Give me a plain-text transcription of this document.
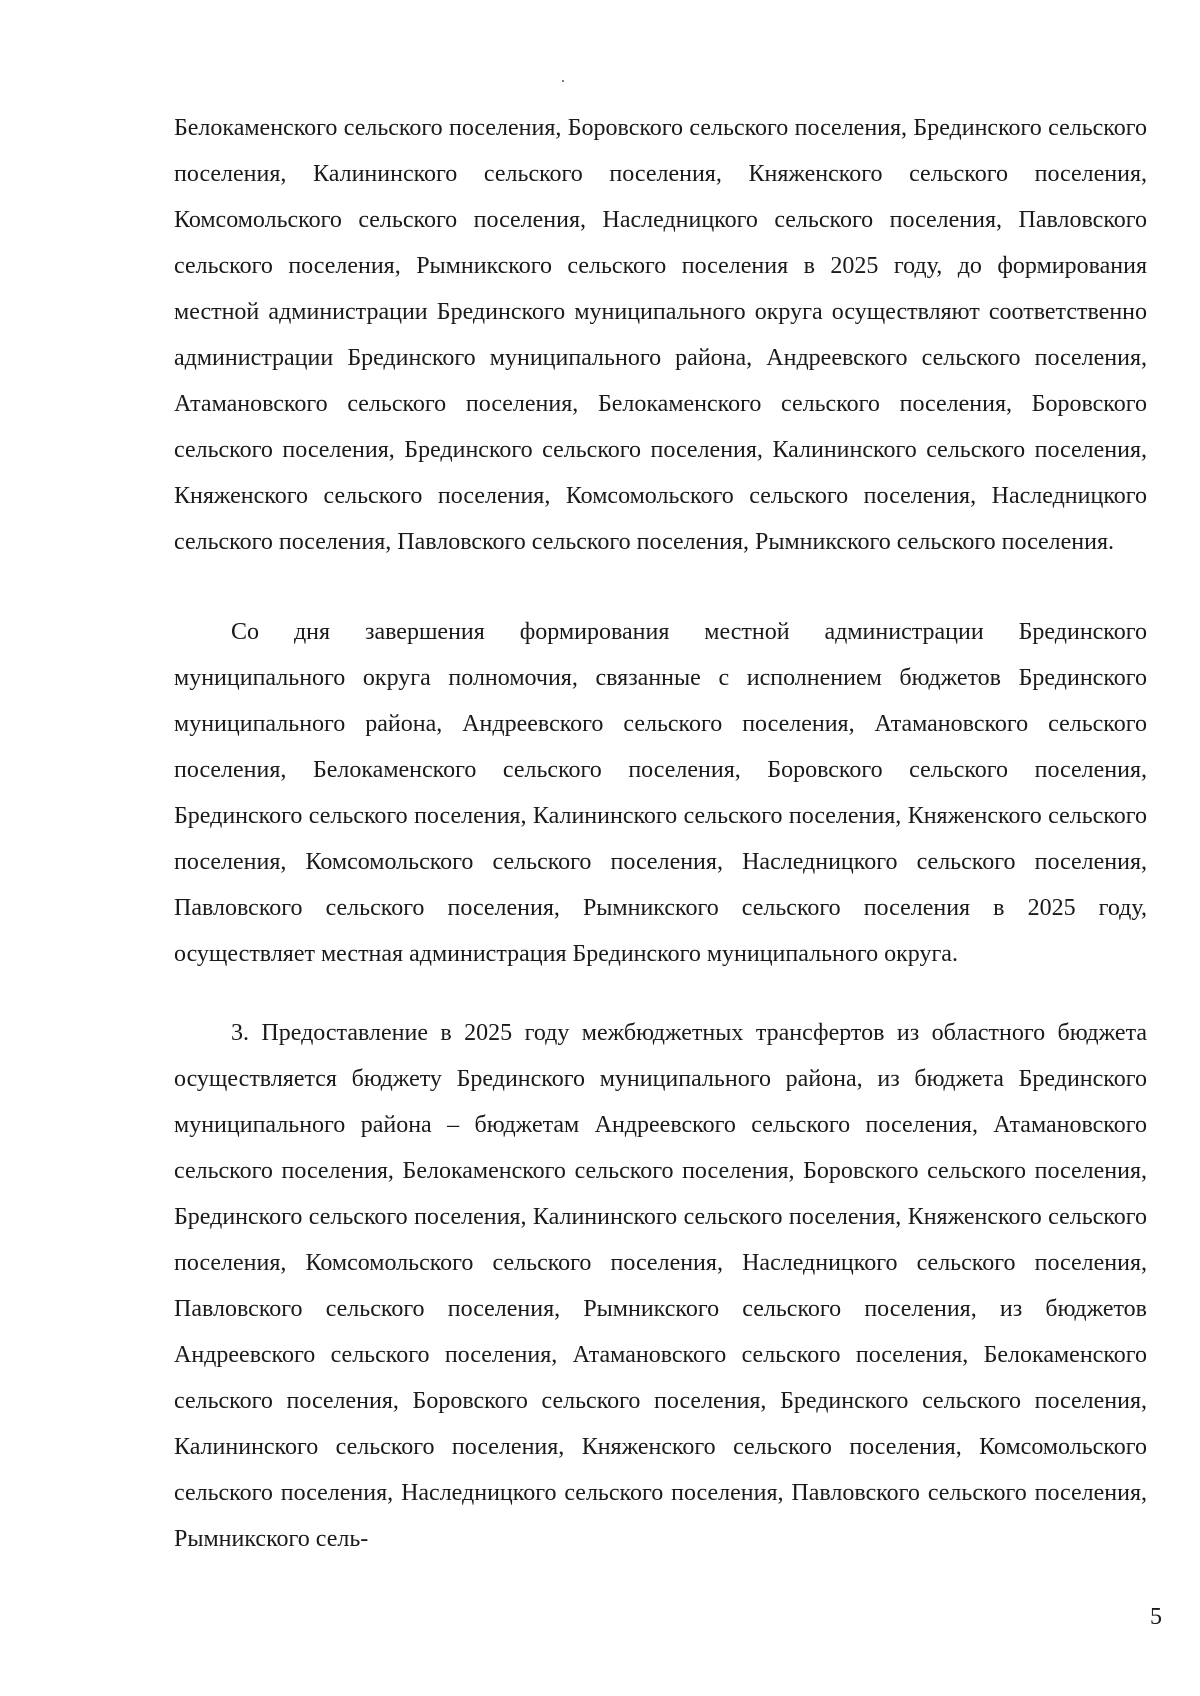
Белокаменского сельского поселения, Боровского сельского поселения, Брединского сельского поселения, Калининского сельского поселения, Княженского сельского поселения, Комсомольского сельского поселения, Наследницкого сельского поселения, Павловского сельского поселения, Рымникского сельского поселения в 2025 году, до формирования местной администрации Брединского муниципального округа осуществляют соответственно администрации Брединского муниципального района, Андреевского сельского поселения, Атамановского сельского поселения, Белокаменского сельского поселения, Боровского сельского поселения, Брединского сельского поселения, Калининского сельского поселения, Княженского сельского поселения, Комсомольского сельского поселения, Наследницкого сельского поселения, Павловского сельского поселения, Рымникского сельского поселения.

Со дня завершения формирования местной администрации Брединского муниципального округа полномочия, связанные с исполнением бюджетов Брединского муниципального района, Андреевского сельского поселения, Атамановского сельского поселения, Белокаменского сельского поселения, Боровского сельского поселения, Брединского сельского поселения, Калининского сельского поселения, Княженского сельского поселения, Комсомольского сельского поселения, Наследницкого сельского поселения, Павловского сельского поселения, Рымникского сельского поселения в 2025 году, осуществляет местная администрация Брединского муниципального округа.

3. Предоставление в 2025 году межбюджетных трансфертов из областного бюджета осуществляется бюджету Брединского муниципального района, из бюджета Брединского муниципального района – бюджетам Андреевского сельского поселения, Атамановского сельского поселения, Белокаменского сельского поселения, Боровского сельского поселения, Брединского сельского поселения, Калининского сельского поселения, Княженского сельского поселения, Комсомольского сельского поселения, Наследницкого сельского поселения, Павловского сельского поселения, Рымникского сельского поселения, из бюджетов Андреевского сельского поселения, Атамановского сельского поселения, Белокаменского сельского поселения, Боровского сельского поселения, Брединского сельского поселения, Калининского сельского поселения, Княженского сельского поселения, Комсомольского сельского поселения, Наследницкого сельского поселения, Павловского сельского поселения, Рымникского сель-

5
